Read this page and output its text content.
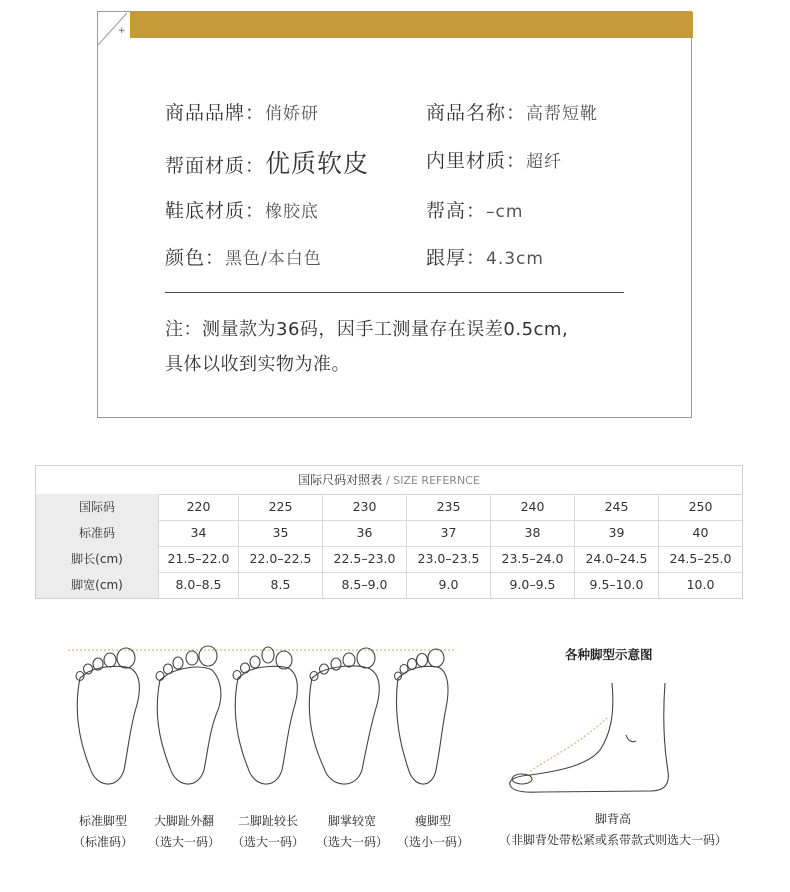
+
商品品牌：俏娇研	商品名称：高帮短靴
帮面材质：优质软皮	内里材质：超纤
鞋底材质：橡胶底	帮高：–cm
颜色：黑色/本白色	跟厚：4.3cm
注：测量款为36码，因手工测量存在误差0.5cm,
具体以收到实物为准。
国际尺码对照表 / SIZE REFERNCE
国际码	220	225	230	235	240	245	250
标准码	34	35	36	37	38	39	40
脚长(cm)	21.5–22.0	22.0–22.5	22.5–23.0	23.0–23.5	23.5–24.0	24.0–24.5	24.5–25.0
脚宽(cm)	8.0–8.5	8.5	8.5–9.0	9.0	9.0–9.5	9.5–10.0	10.0
标准脚型
（标准码）
大脚趾外翻
（选大一码）
二脚趾较长
（选大一码）
脚掌较宽
（选大一码）
瘦脚型
（选小一码）
各种脚型示意图
脚背高
（非脚背处带松紧或系带款式则选大一码）
